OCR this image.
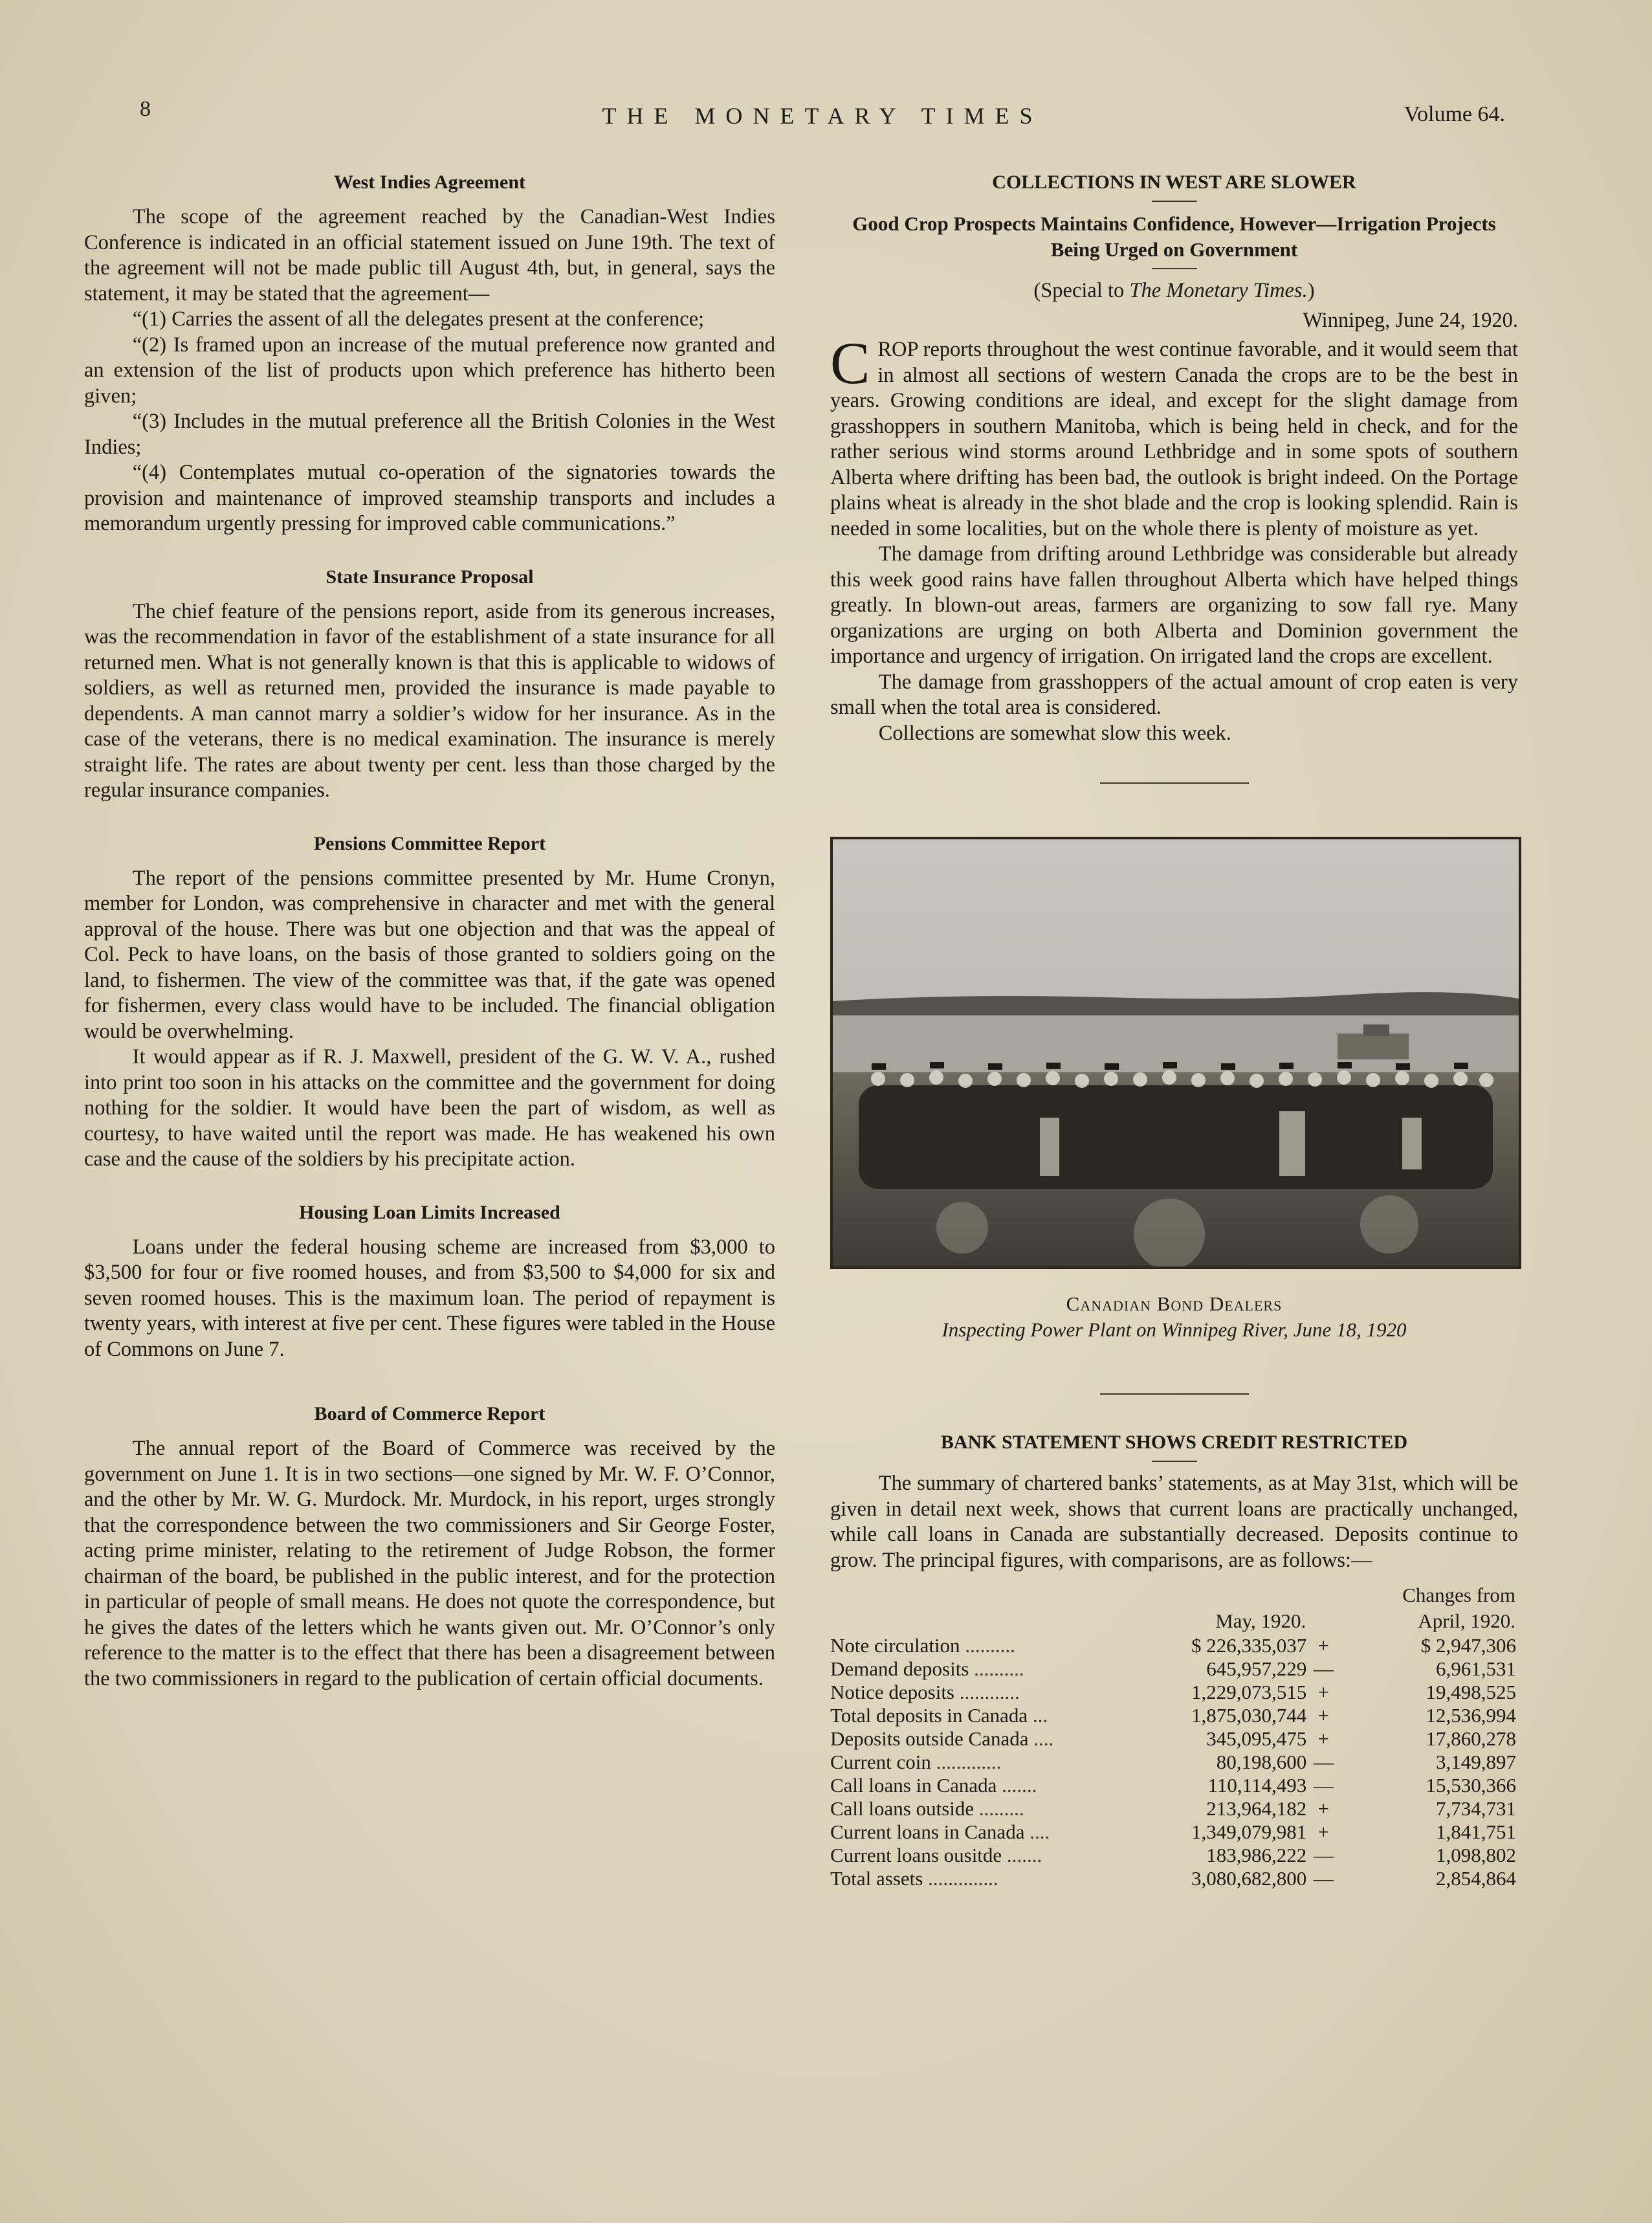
8	THE MONETARY TIMES	Volume 64.
West Indies Agreement

The scope of the agreement reached by the Canadian-West Indies Conference is indicated in an official statement issued on June 19th. The text of the agreement will not be made public till August 4th, but, in general, says the statement, it may be stated that the agreement—

“(1) Carries the assent of all the delegates present at the conference;

“(2) Is framed upon an increase of the mutual preference now granted and an extension of the list of products upon which preference has hitherto been given;

“(3) Includes in the mutual preference all the British Colonies in the West Indies;

“(4) Contemplates mutual co-operation of the signatories towards the provision and maintenance of improved steamship transports and includes a memorandum urgently pressing for improved cable communications.”

State Insurance Proposal

The chief feature of the pensions report, aside from its generous increases, was the recommendation in favor of the establishment of a state insurance for all returned men. What is not generally known is that this is applicable to widows of soldiers, as well as returned men, provided the insurance is made payable to dependents. A man cannot marry a soldier’s widow for her insurance. As in the case of the veterans, there is no medical examination. The insurance is merely straight life. The rates are about twenty per cent. less than those charged by the regular insurance companies.

Pensions Committee Report

The report of the pensions committee presented by Mr. Hume Cronyn, member for London, was comprehensive in character and met with the general approval of the house. There was but one objection and that was the appeal of Col. Peck to have loans, on the basis of those granted to soldiers going on the land, to fishermen. The view of the committee was that, if the gate was opened for fishermen, every class would have to be included. The financial obligation would be overwhelming.

It would appear as if R. J. Maxwell, president of the G. W. V. A., rushed into print too soon in his attacks on the committee and the government for doing nothing for the soldier. It would have been the part of wisdom, as well as courtesy, to have waited until the report was made. He has weakened his own case and the cause of the soldiers by his precipitate action.

Housing Loan Limits Increased

Loans under the federal housing scheme are increased from $3,000 to $3,500 for four or five roomed houses, and from $3,500 to $4,000 for six and seven roomed houses. This is the maximum loan. The period of repayment is twenty years, with interest at five per cent. These figures were tabled in the House of Commons on June 7.

Board of Commerce Report

The annual report of the Board of Commerce was received by the government on June 1. It is in two sections—one signed by Mr. W. F. O’Connor, and the other by Mr. W. G. Murdock. Mr. Murdock, in his report, urges strongly that the correspondence between the two commissioners and Sir George Foster, acting prime minister, relating to the retirement of Judge Robson, the former chairman of the board, be published in the public interest, and for the protection in particular of people of small means. He does not quote the correspondence, but he gives the dates of the letters which he wants given out. Mr. O’Connor’s only reference to the matter is to the effect that there has been a disagreement between the two commissioners in regard to the publication of certain official documents.

COLLECTIONS IN WEST ARE SLOWER
Good Crop Prospects Maintains Confidence, However—Irrigation Projects Being Urged on Government

(Special to The Monetary Times.)

Winnipeg, June 24, 1920.

CROP reports throughout the west continue favorable, and it would seem that in almost all sections of western Canada the crops are to be the best in years. Growing conditions are ideal, and except for the slight damage from grasshoppers in southern Manitoba, which is being held in check, and for the rather serious wind storms around Lethbridge and in some spots of southern Alberta where drifting has been bad, the outlook is bright indeed. On the Portage plains wheat is already in the shot blade and the crop is looking splendid. Rain is needed in some localities, but on the whole there is plenty of moisture as yet.

The damage from drifting around Lethbridge was considerable but already this week good rains have fallen throughout Alberta which have helped things greatly. In blown-out areas, farmers are organizing to sow fall rye. Many organizations are urging on both Alberta and Dominion government the importance and urgency of irrigation. On irrigated land the crops are excellent.

The damage from grasshoppers of the actual amount of crop eaten is very small when the total area is considered.

Collections are somewhat slow this week.

Canadian Bond Dealers
Inspecting Power Plant on Winnipeg River, June 18, 1920
BANK STATEMENT SHOWS CREDIT RESTRICTED

The summary of chartered banks’ statements, as at May 31st, which will be given in detail next week, shows that current loans are practically unchanged, while call loans in Canada are substantially decreased. Deposits continue to grow. The principal figures, with comparisons, are as follows:—

			Changes from
	May, 1920.		April, 1920.
Note circulation ..........	$ 226,335,037	+	$ 2,947,306
Demand deposits ..........	645,957,229	—	6,961,531
Notice deposits ............	1,229,073,515	+	19,498,525
Total deposits in Canada ...	1,875,030,744	+	12,536,994
Deposits outside Canada ....	345,095,475	+	17,860,278
Current coin .............	80,198,600	—	3,149,897
Call loans in Canada .......	110,114,493	—	15,530,366
Call loans outside .........	213,964,182	+	7,734,731
Current loans in Canada ....	1,349,079,981	+	1,841,751
Current loans ousitde .......	183,986,222	—	1,098,802
Total assets ..............	3,080,682,800	—	2,854,864
